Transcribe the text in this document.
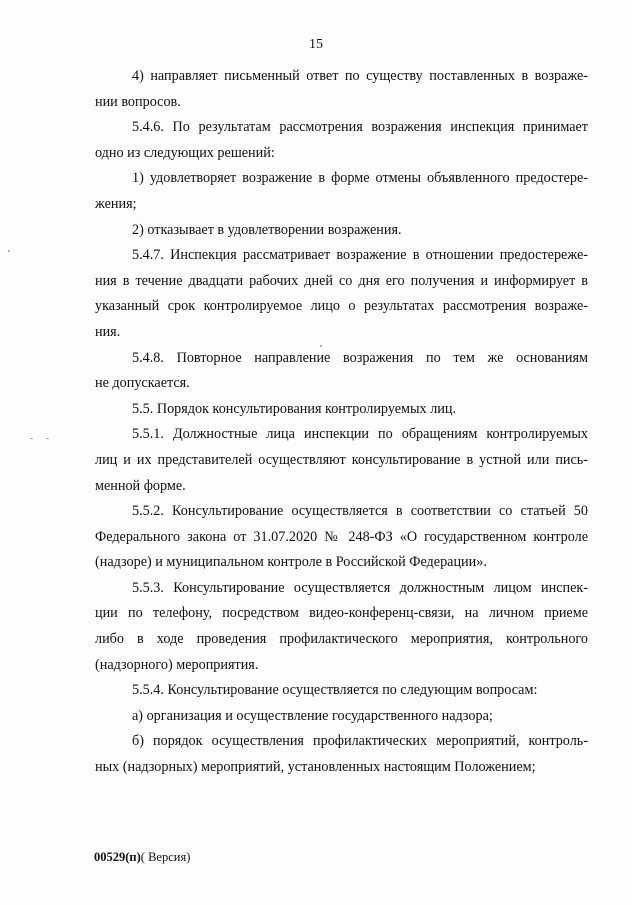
15

4) направляет письменный ответ по существу поставленных в возраже-
нии вопросов.

5.4.6. По результатам рассмотрения возражения инспекция принимает
одно из следующих решений:

1) удовлетворяет возражение в форме отмены объявленного предостере-
жения;

2) отказывает в удовлетворении возражения.

5.4.7. Инспекция рассматривает возражение в отношении предостереже-
ния в течение двадцати рабочих дней со дня его получения и информирует в
указанный срок контролируемое лицо о результатах рассмотрения возраже-
ния.

5.4.8. Повторное направление возражения по тем же основаниям
не допускается.

5.5. Порядок консультирования контролируемых лиц.

5.5.1. Должностные лица инспекции по обращениям контролируемых
лиц и их представителей осуществляют консультирование в устной или пись-
менной форме.

5.5.2. Консультирование осуществляется в соответствии со статьей 50
Федерального закона от 31.07.2020 № 248-ФЗ «О государственном контроле
(надзоре) и муниципальном контроле в Российской Федерации».

5.5.3. Консультирование осуществляется должностным лицом инспек-
ции по телефону, посредством видео-конференц-связи, на личном приеме
либо в ходе проведения профилактического мероприятия, контрольного
(надзорного) мероприятия.

5.5.4. Консультирование осуществляется по следующим вопросам:

а) организация и осуществление государственного надзора;

б) порядок осуществления профилактических мероприятий, контроль-
ных (надзорных) мероприятий, установленных настоящим Положением;

00529(п)( Версия)
